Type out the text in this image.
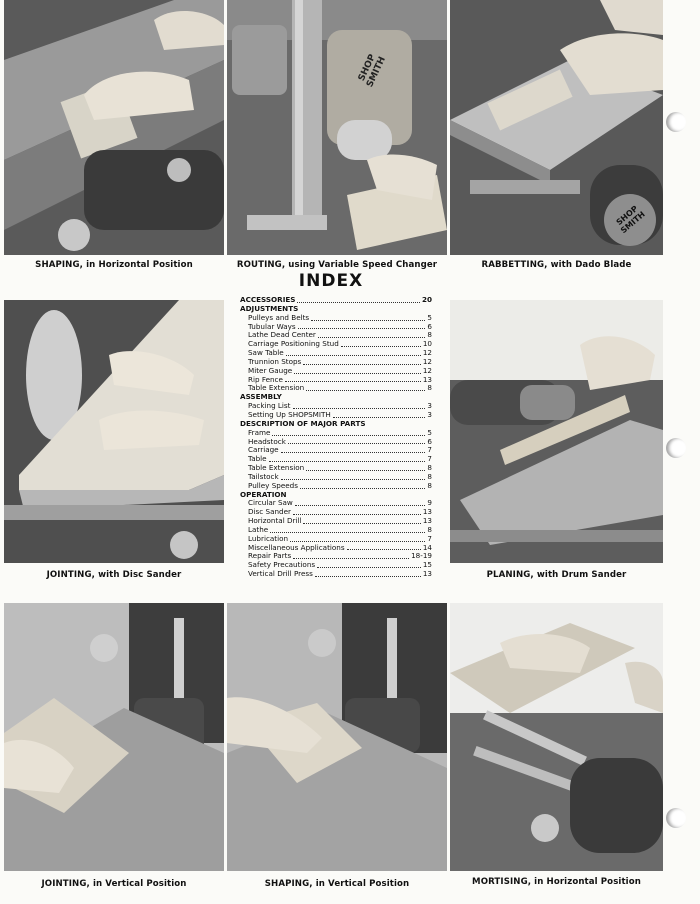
SHAPING, in Horizontal Position
SHOP SMITH
ROUTING, using Variable Speed Changer
SHOP SMITH
RABBETTING, with Dado Blade
JOINTING, with Disc Sander
INDEX
ACCESSORIES	20
ADJUSTMENTS
Pulleys and Belts	5
Tubular Ways	6
Lathe Dead Center	8
Carriage Positioning Stud	10
Saw Table	12
Trunnion Stops	12
Miter Gauge	12
Rip Fence	13
Table Extension	8
ASSEMBLY
Packing List	3
Setting Up SHOPSMITH	3
DESCRIPTION OF MAJOR PARTS
Frame	5
Headstock	6
Carriage	7
Table	7
Table Extension	8
Tailstock	8
Pulley Speeds	8
OPERATION
Circular Saw	9
Disc Sander	13
Horizontal Drill	13
Lathe	8
Lubrication	7
Miscellaneous Applications	14
Repair Parts	18-19
Safety Precautions	15
Vertical Drill Press	13	PLANING, with Drum Sander
JOINTING, in Vertical Position	SHAPING, in Vertical Position	MORTISING, in Horizontal Position
